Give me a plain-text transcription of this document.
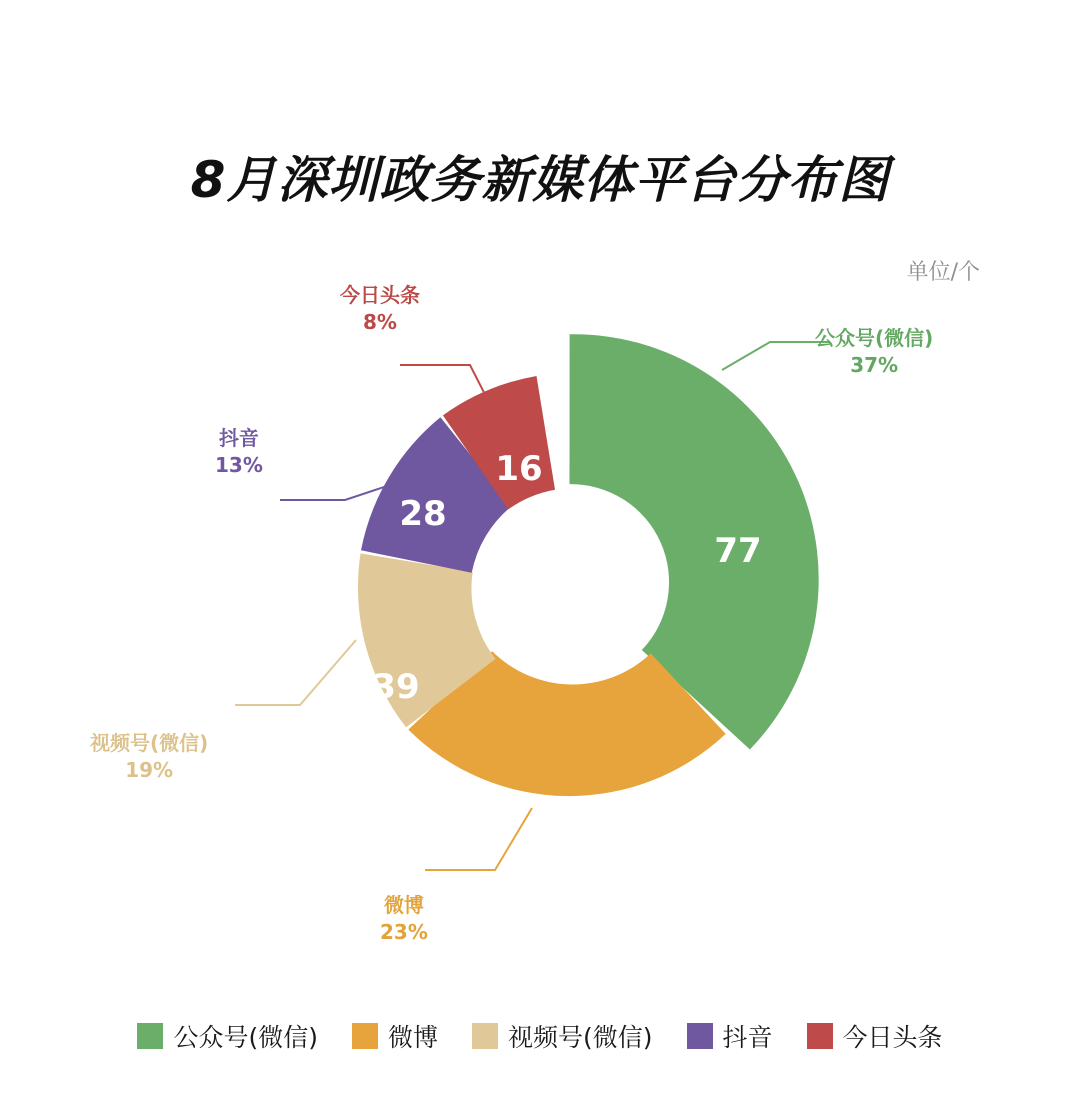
8月深圳政务新媒体平台分布图
单位/个
77
47
39
28
16
公众号(微信)
37%
今日头条
8%
抖音
13%
视频号(微信)
19%
微博
23%
公众号(微信)	微博	视频号(微信)	抖音	今日头条
